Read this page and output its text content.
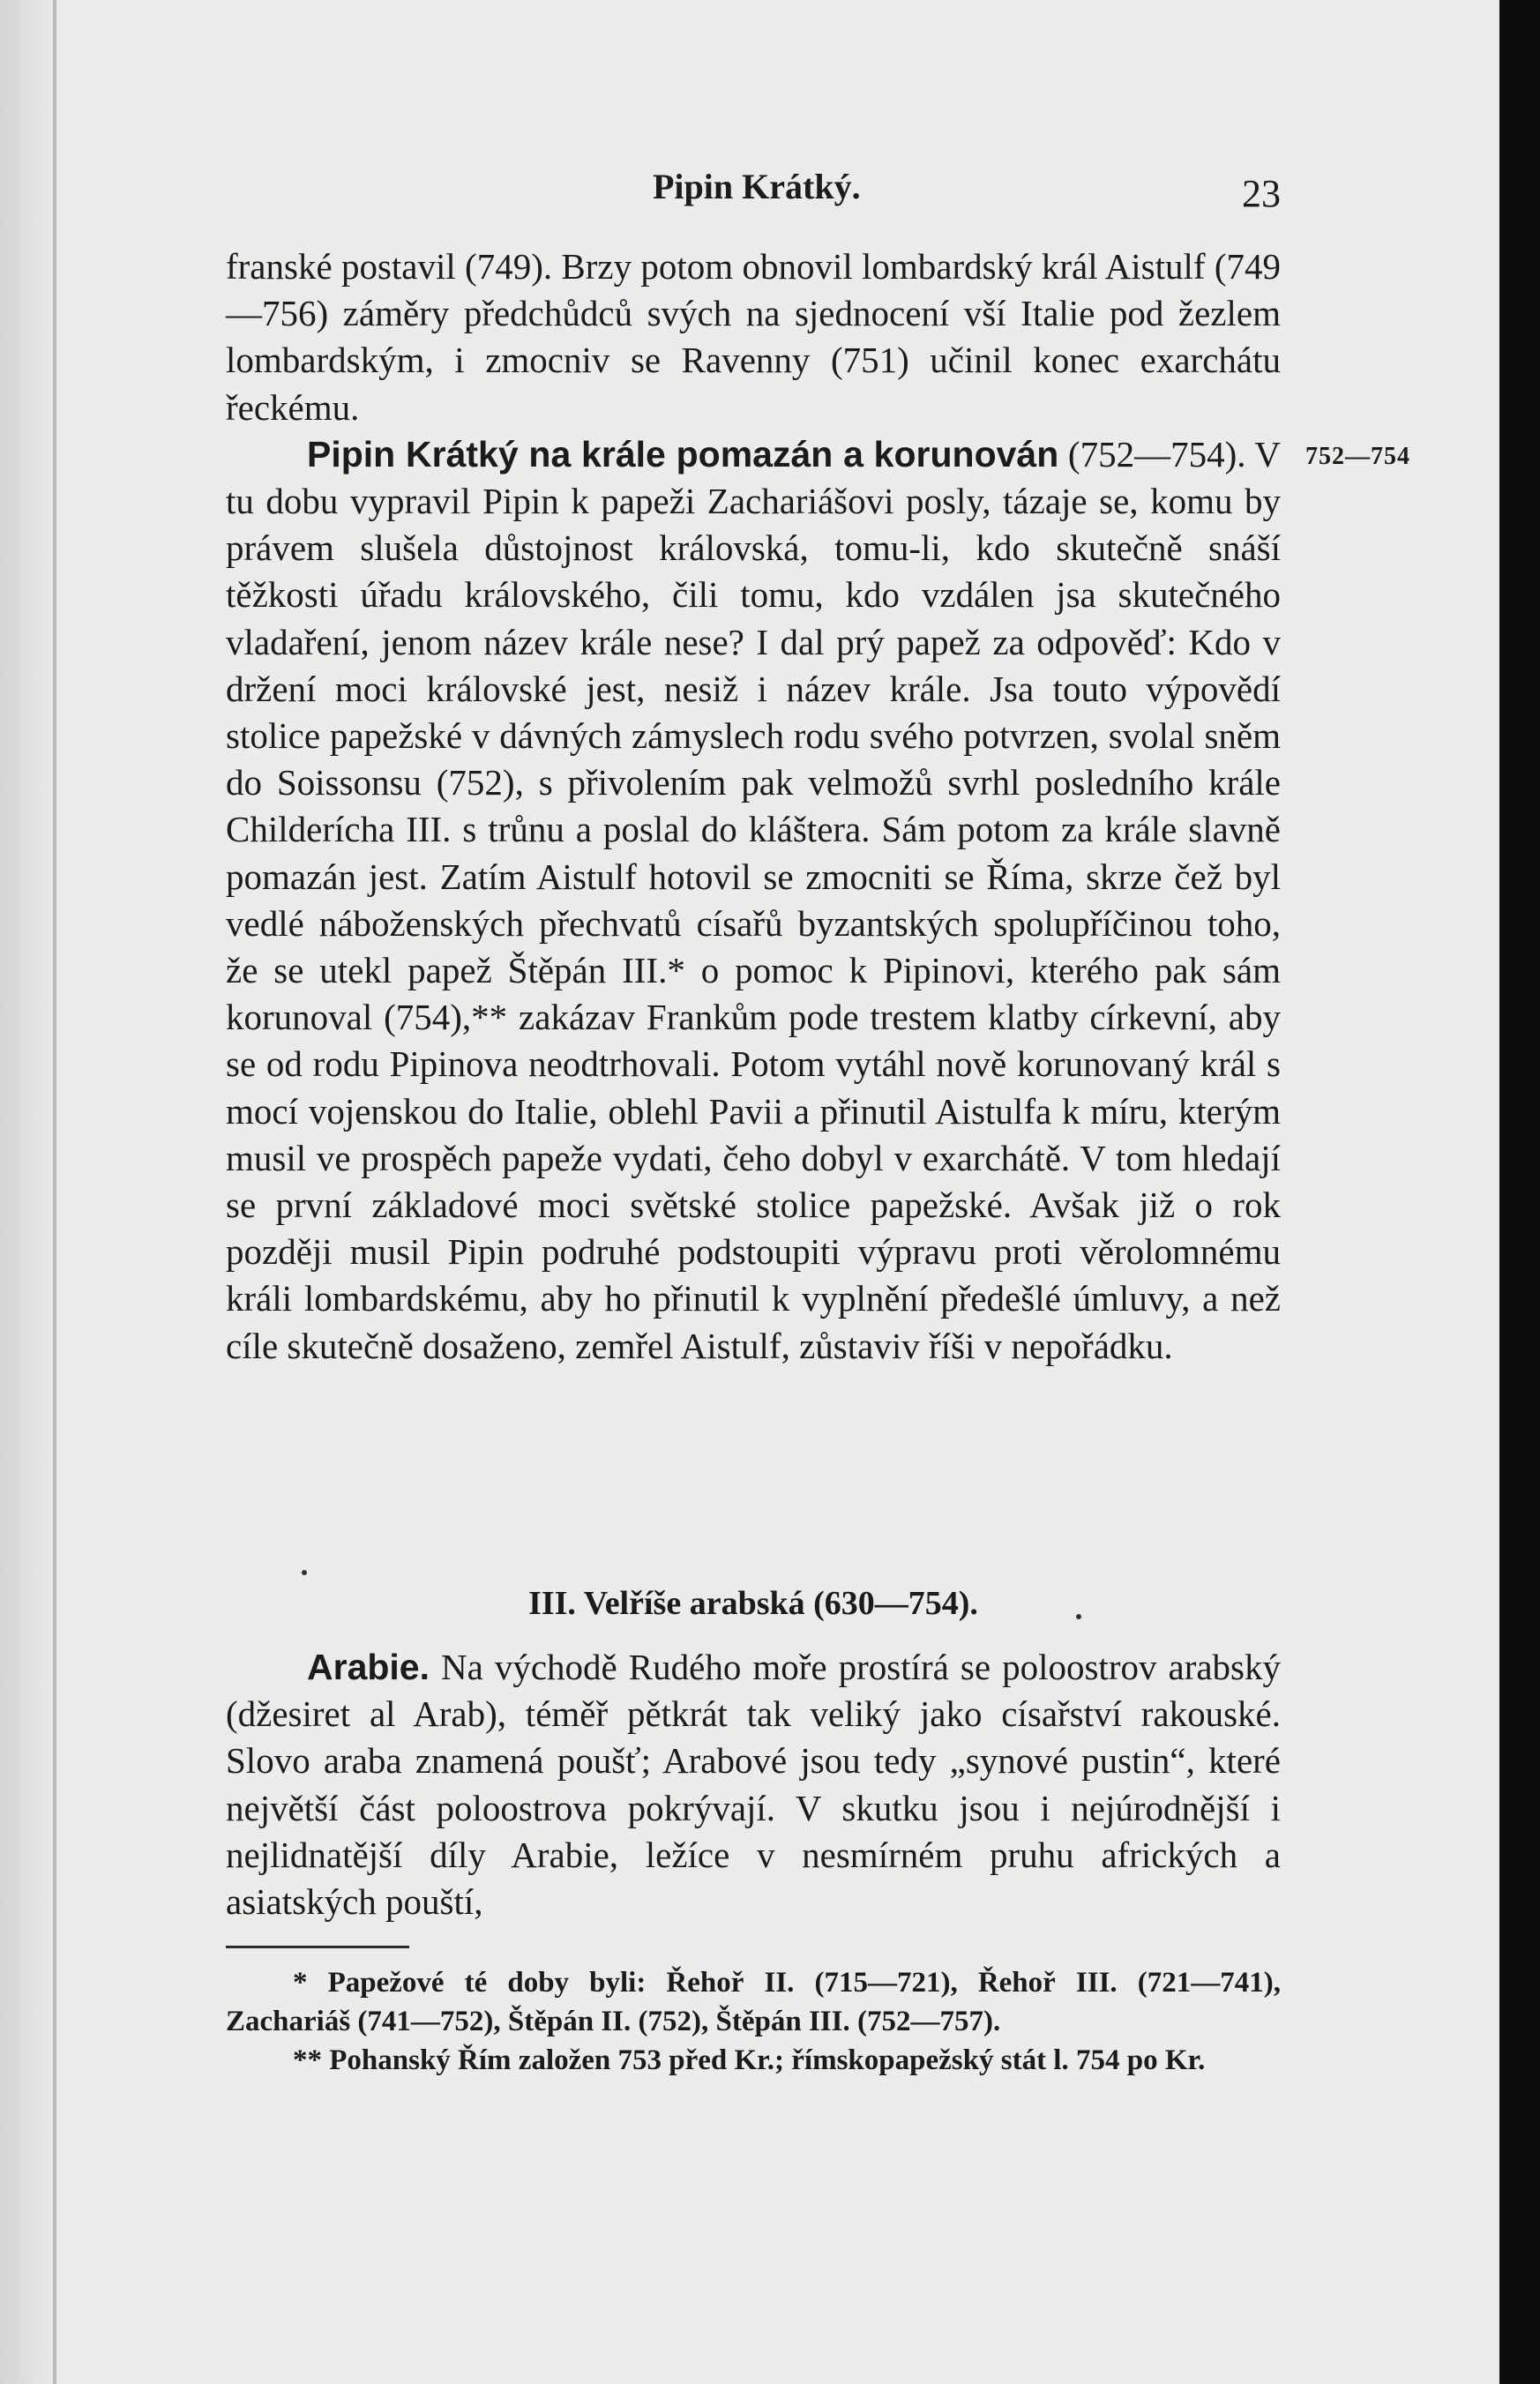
Pipin Krátký.	23

franské postavil (749). Brzy potom obnovil lombardský král Aistulf (749—756) záměry předchůdců svých na sjednocení vší Italie pod žezlem lombardským, i zmocniv se Ravenny (751) učinil konec exarchátu řeckému.

Pipin Krátký na krále pomazán a korunován (752—754). V tu dobu vypravil Pipin k papeži Zachariášovi posly, tázaje se, komu by právem slušela důstojnost královská, tomu-li, kdo skutečně snáší těžkosti úřadu královského, čili tomu, kdo vzdálen jsa skutečného vladaření, jenom název krále nese? I dal prý papež za odpověď: Kdo v držení moci královské jest, nesiž i název krále. Jsa touto výpovědí stolice papežské v dávných zámyslech rodu svého potvrzen, svolal sněm do Soissonsu (752), s přivolením pak velmožů svrhl posledního krále Childerícha III. s trůnu a poslal do kláštera. Sám potom za krále slavně pomazán jest. Zatím Aistulf hotovil se zmocniti se Říma, skrze čež byl vedlé náboženských přechvatů císařů byzantských spolupříčinou toho, že se utekl papež Štěpán III.* o pomoc k Pipinovi, kterého pak sám korunoval (754),** zakázav Frankům pode trestem klatby církevní, aby se od rodu Pipinova neodtrhovali. Potom vytáhl nově korunovaný král s mocí vojenskou do Italie, oblehl Pavii a přinutil Aistulfa k míru, kterým musil ve prospěch papeže vydati, čeho dobyl v exarchátě. V tom hledají se první základové moci světské stolice papežské. Avšak již o rok později musil Pipin podruhé podstoupiti výpravu proti věrolomnému králi lombardskému, aby ho přinutil k vyplnění předešlé úmluvy, a než cíle skutečně dosaženo, zemřel Aistulf, zůstaviv říši v nepořádku.

752—754
III. Velříše arabská (630—754).

Arabie. Na východě Rudého moře prostírá se poloostrov arabský (džesiret al Arab), téměř pětkrát tak veliký jako císařství rakouské. Slovo araba znamená poušť; Arabové jsou tedy „synové pustin“, které největší část poloostrova pokrývají. V skutku jsou i nejúrodnější i nejlidnatější díly Arabie, ležíce v nesmírném pruhu afrických a asiatských pouští,

* Papežové té doby byli: Řehoř II. (715—721), Řehoř III. (721—741), Zachariáš (741—752), Štěpán II. (752), Štěpán III. (752—757).

** Pohanský Řím založen 753 před Kr.; římskopapežský stát l. 754 po Kr.
